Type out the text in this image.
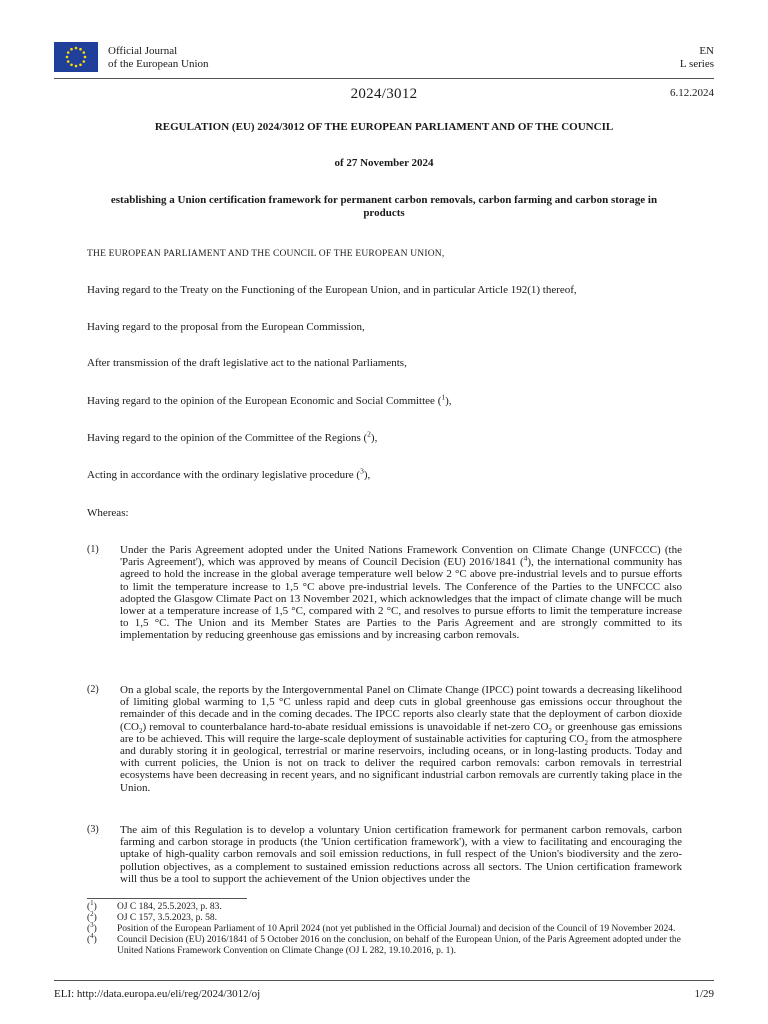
Official Journal
of the European Union
EN
L series
2024/3012	6.12.2024
REGULATION (EU) 2024/3012 OF THE EUROPEAN PARLIAMENT AND OF THE COUNCIL
of 27 November 2024
establishing a Union certification framework for permanent carbon removals, carbon farming and carbon storage in products
THE EUROPEAN PARLIAMENT AND THE COUNCIL OF THE EUROPEAN UNION,
Having regard to the Treaty on the Functioning of the European Union, and in particular Article 192(1) thereof,
Having regard to the proposal from the European Commission,
After transmission of the draft legislative act to the national Parliaments,
Having regard to the opinion of the European Economic and Social Committee ($^1$),
Having regard to the opinion of the Committee of the Regions ($^2$),
Acting in accordance with the ordinary legislative procedure ($^3$),
Whereas:
(1)	Under the Paris Agreement adopted under the United Nations Framework Convention on Climate Change (UNFCCC) (the 'Paris Agreement'), which was approved by means of Council Decision (EU) 2016/1841 ($^4$), the international community has agreed to hold the increase in the global average temperature well below 2 °C above pre-industrial levels and to pursue efforts to limit the temperature increase to 1,5 °C above pre-industrial levels. The Conference of the Parties to the UNFCCC also adopted the Glasgow Climate Pact on 13 November 2021, which acknowledges that the impact of climate change will be much lower at a temperature increase of 1,5 °C, compared with 2 °C, and resolves to pursue efforts to limit the temperature increase to 1,5 °C. The Union and its Member States are Parties to the Paris Agreement and are strongly committed to its implementation by reducing greenhouse gas emissions and by increasing carbon removals.
(2)	On a global scale, the reports by the Intergovernmental Panel on Climate Change (IPCC) point towards a decreasing likelihood of limiting global warming to 1,5 °C unless rapid and deep cuts in global greenhouse gas emissions occur throughout the remainder of this decade and in the coming decades. The IPCC reports also clearly state that the deployment of carbon dioxide $(CO_2)$ removal to counterbalance hard-to-abate residual emissions is unavoidable if net-zero $CO_2$ or greenhouse gas emissions are to be achieved. This will require the large-scale deployment of sustainable activities for capturing $CO_2$ from the atmosphere and durably storing it in geological, terrestrial or marine reservoirs, including oceans, or in long-lasting products. Today and with current policies, the Union is not on track to deliver the required carbon removals: carbon removals in terrestrial ecosystems have been decreasing in recent years, and no significant industrial carbon removals are currently taking place in the Union.
(3)	The aim of this Regulation is to develop a voluntary Union certification framework for permanent carbon removals, carbon farming and carbon storage in products (the 'Union certification framework'), with a view to facilitating and encouraging the uptake of high-quality carbon removals and soil emission reductions, in full respect of the Union's biodiversity and the zero-pollution objectives, as a complement to sustained emission reductions across all sectors. The Union certification framework will thus be a tool to support the achievement of the Union objectives under the
($^1$) OJ C 184, 25.5.2023, p. 83.
($^2$) OJ C 157, 3.5.2023, p. 58.
($^3$) Position of the European Parliament of 10 April 2024 (not yet published in the Official Journal) and decision of the Council of 19 November 2024.
($^4$) Council Decision (EU) 2016/1841 of 5 October 2016 on the conclusion, on behalf of the European Union, of the Paris Agreement adopted under the United Nations Framework Convention on Climate Change (OJ L 282, 19.10.2016, p. 1).
ELI: http://data.europa.eu/eli/reg/2024/3012/oj	1/29
